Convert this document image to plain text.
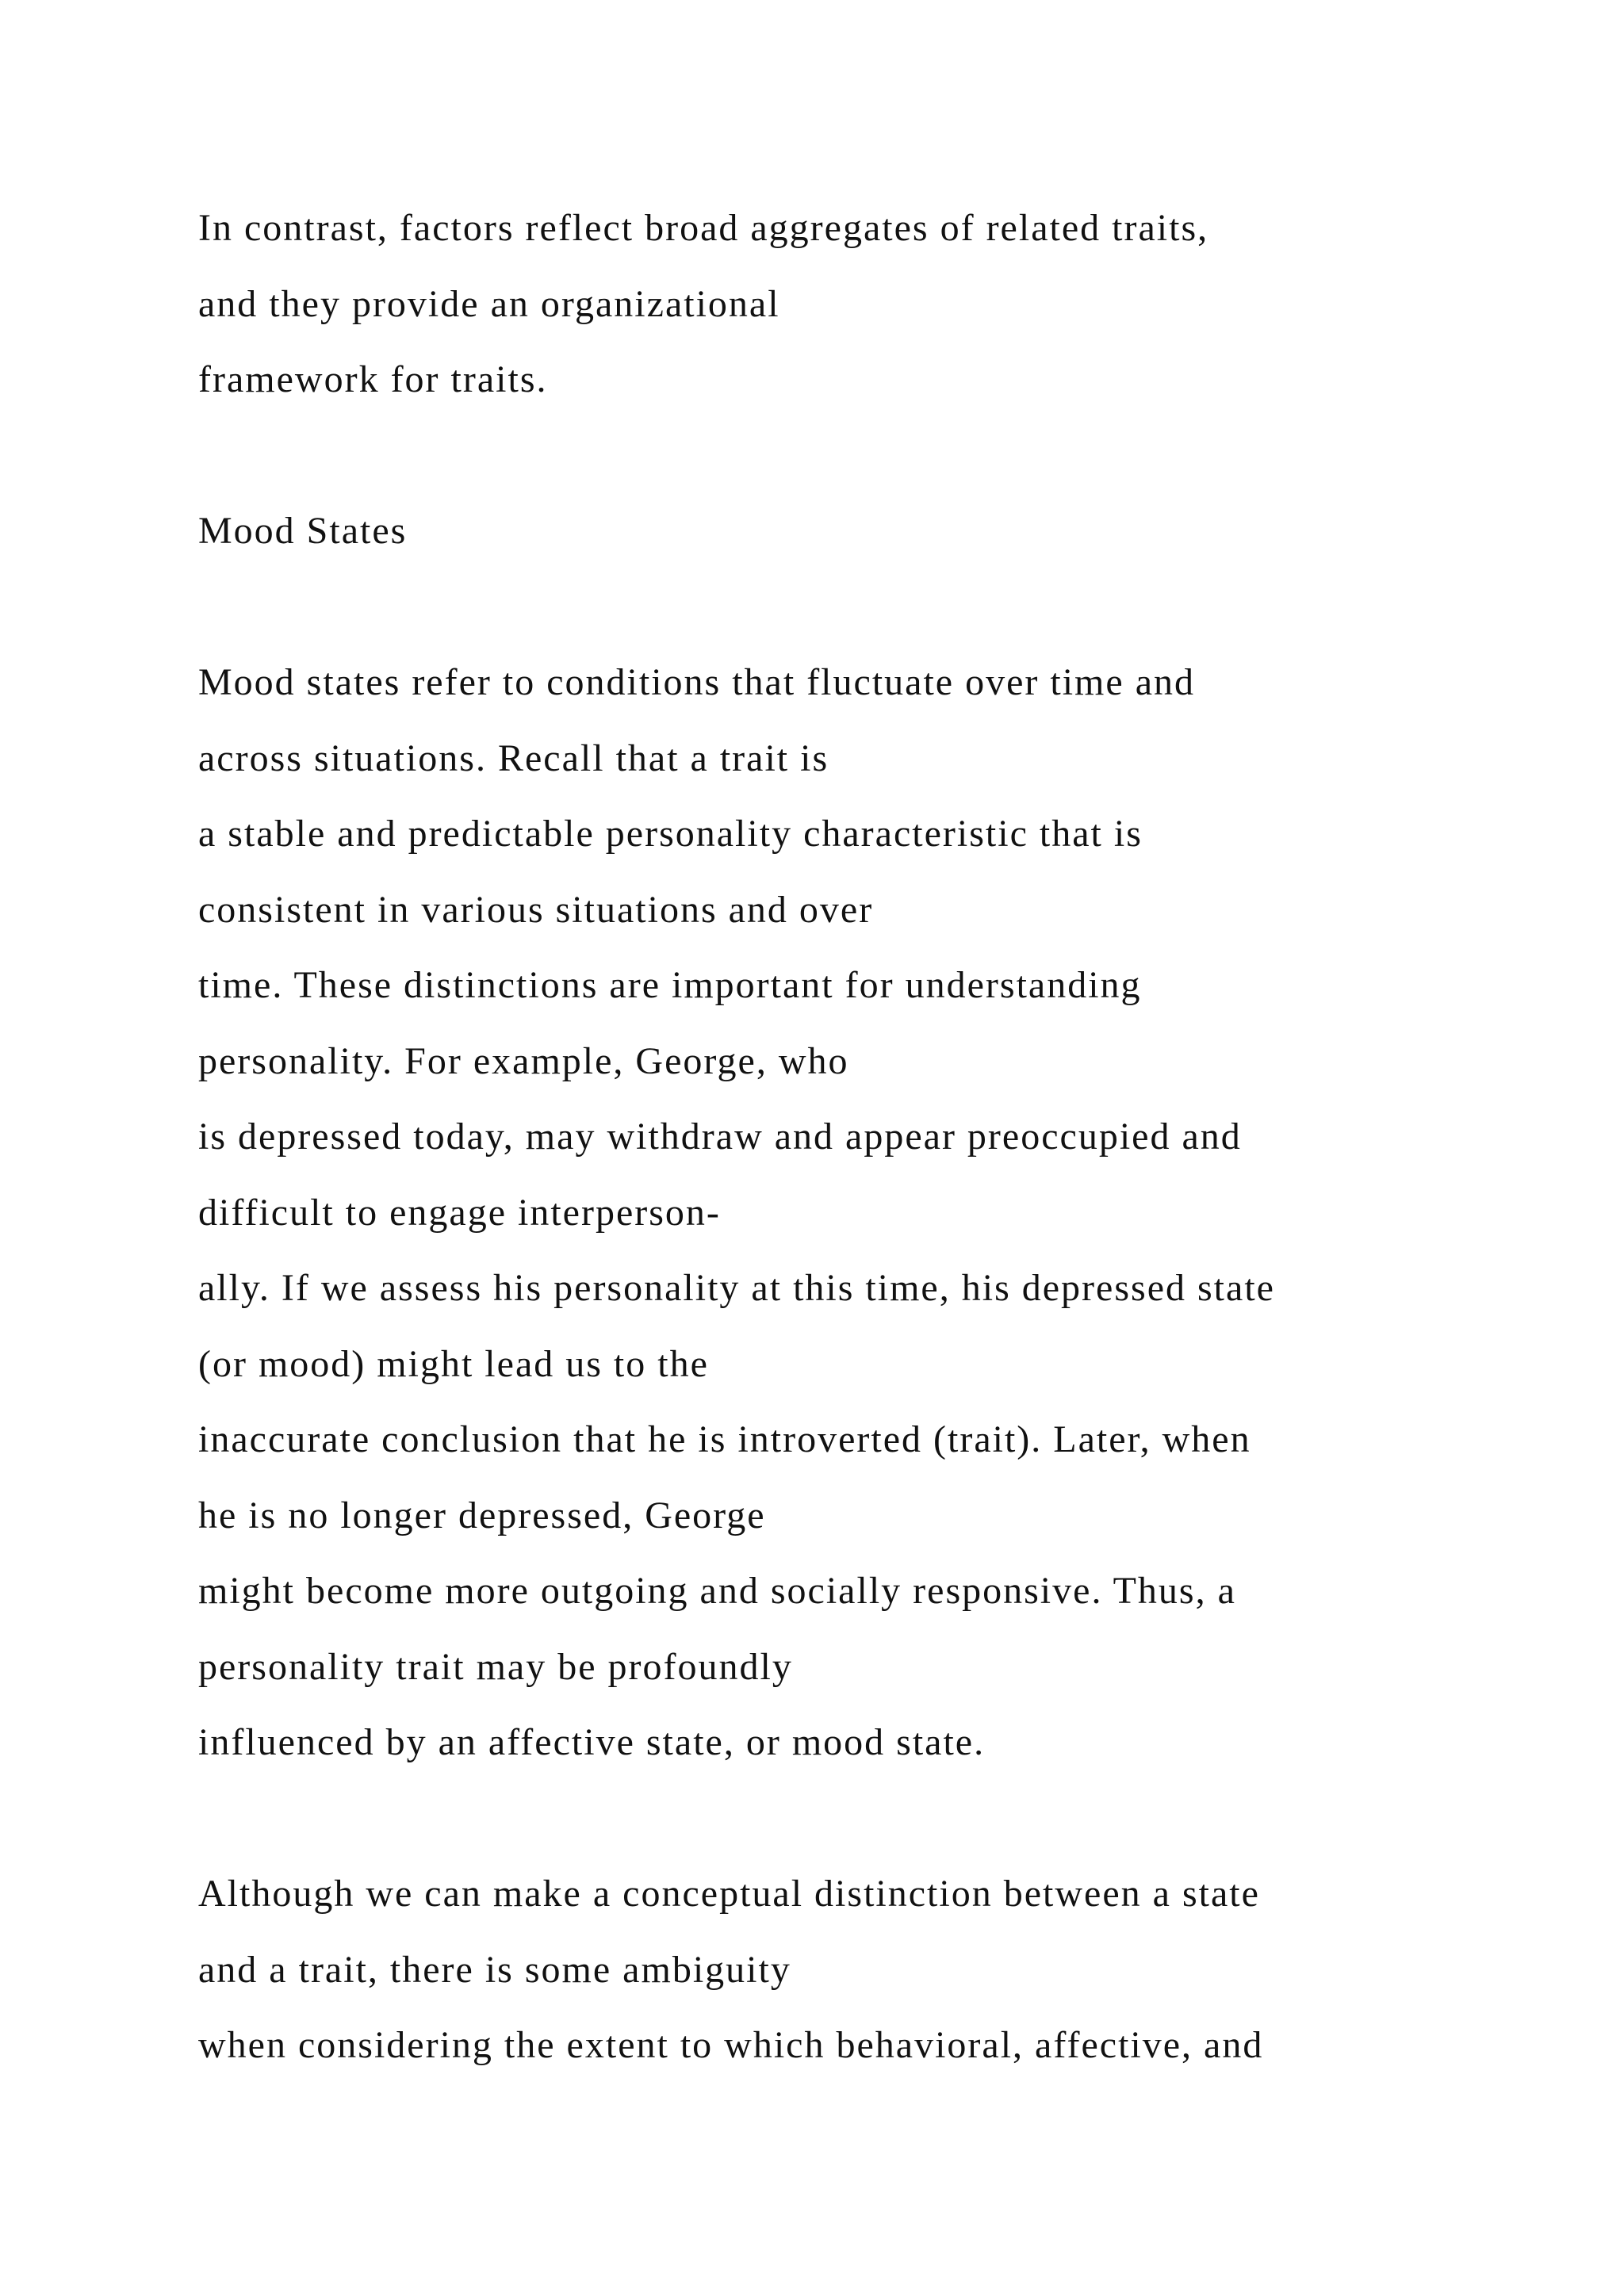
In contrast, factors reflect broad aggregates of related traits,
and they provide an organizational
framework for traits.
Mood States
Mood states refer to conditions that fluctuate over time and
across situations. Recall that a trait is
a stable and predictable personality characteristic that is
consistent in various situations and over
time. These distinctions are important for understanding
personality. For example, George, who
is depressed today, may withdraw and appear preoccupied and
difficult to engage interperson-
ally. If we assess his personality at this time, his depressed state
(or mood) might lead us to the
inaccurate conclusion that he is introverted (trait). Later, when
he is no longer depressed, George
might become more outgoing and socially responsive. Thus, a
personality trait may be profoundly
influenced by an affective state, or mood state.
Although we can make a conceptual distinction between a state
and a trait, there is some ambiguity
when considering the extent to which behavioral, affective, and
